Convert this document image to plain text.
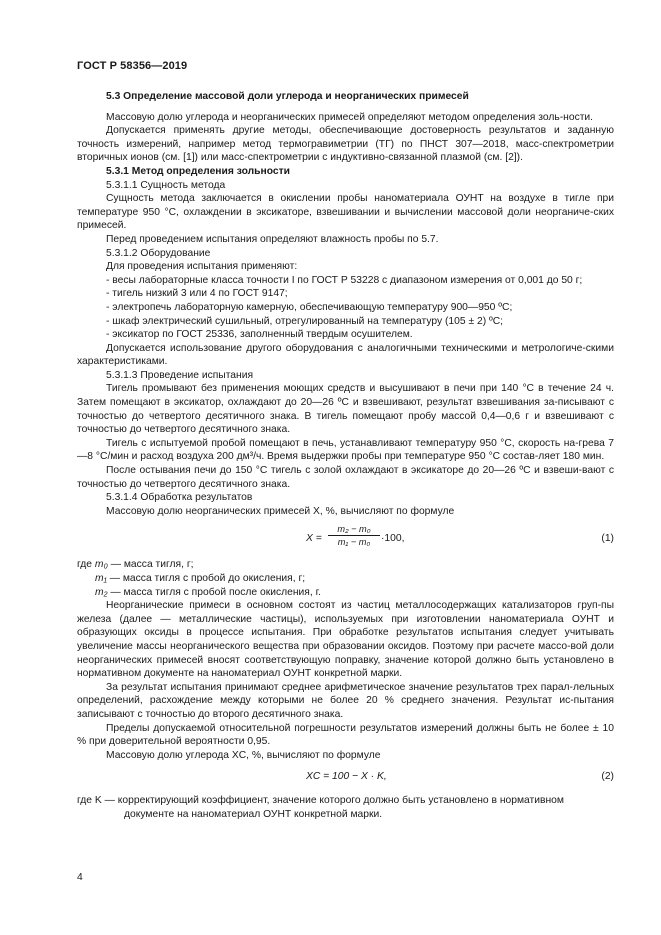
ГОСТ Р 58356—2019

5.3 Определение массовой доли углерода и неорганических примесей

Массовую долю углерода и неорганических примесей определяют методом определения золь-ности.

Допускается применять другие методы, обеспечивающие достоверность результатов и заданную точность измерений, например метод термогравиметрии (ТГ) по ПНСТ 307—2018, масс-спектрометрии вторичных ионов (см. [1]) или масс-спектрометрии с индуктивно-связанной плазмой (см. [2]).

5.3.1 Метод определения зольности

5.3.1.1 Сущность метода

Сущность метода заключается в окислении пробы наноматериала ОУНТ на воздухе в тигле при температуре 950 °С, охлаждении в эксикаторе, взвешивании и вычислении массовой доли неорганиче-ских примесей.

Перед проведением испытания определяют влажность пробы по 5.7.

5.3.1.2 Оборудование

Для проведения испытания применяют:

- весы лабораторные класса точности I по ГОСТ Р 53228 с диапазоном измерения от 0,001 до 50 г;

- тигель низкий 3 или 4 по ГОСТ 9147;

- электропечь лабораторную камерную, обеспечивающую температуру 900—950 ºС;

- шкаф электрический сушильный, отрегулированный на температуру (105 ± 2) ºС;

- эксикатор по ГОСТ 25336, заполненный твердым осушителем.

Допускается использование другого оборудования с аналогичными техническими и метрологиче-скими характеристиками.

5.3.1.3 Проведение испытания

Тигель промывают без применения моющих средств и высушивают в печи при 140 °С в течение 24 ч. Затем помещают в эксикатор, охлаждают до 20—26 ºС и взвешивают, результат взвешивания за-писывают с точностью до четвертого десятичного знака. В тигель помещают пробу массой 0,4—0,6 г и взвешивают с точностью до четвертого десятичного знака.

Тигель с испытуемой пробой помещают в печь, устанавливают температуру 950 °С, скорость на-грева 7—8 °С/мин и расход воздуха 200 дм³/ч. Время выдержки пробы при температуре 950 °С состав-ляет 180 мин.

После остывания печи до 150 °С тигель с золой охлаждают в эксикаторе до 20—26 ºС и взвеши-вают с точностью до четвертого десятичного знака.

5.3.1.4 Обработка результатов

Массовую долю неорганических примесей X, %, вычисляют по формуле

X =
m₂ − m₀
m₁ − m₀	·100,	(1)

где m₀ — масса тигля, г;

m₁ — масса тигля с пробой до окисления, г;

m₂ — масса тигля с пробой после окисления, г.

Неорганические примеси в основном состоят из частиц металлосодержащих катализаторов груп-пы железа (далее — металлические частицы), используемых при изготовлении наноматериала ОУНТ и образующих оксиды в процессе испытания. При обработке результатов испытания следует учитывать увеличение массы неорганического вещества при образовании оксидов. Поэтому при расчете массо-вой доли неорганических примесей вносят соответствующую поправку, значение которой должно быть установлено в нормативном документе на наноматериал ОУНТ конкретной марки.

За результат испытания принимают среднее арифметическое значение результатов трех парал-лельных определений, расхождение между которыми не более 20 % среднего значения. Результат ис-пытания записывают с точностью до второго десятичного знака.

Пределы допускаемой относительной погрешности результатов измерений должны быть не более ± 10 % при доверительной вероятности 0,95.

Массовую долю углерода XC, %, вычисляют по формуле

XC = 100 − X · K,	(2)

где K — корректирующий коэффициент, значение которого должно быть установлено в нормативном документе на наноматериал ОУНТ конкретной марки.

4
